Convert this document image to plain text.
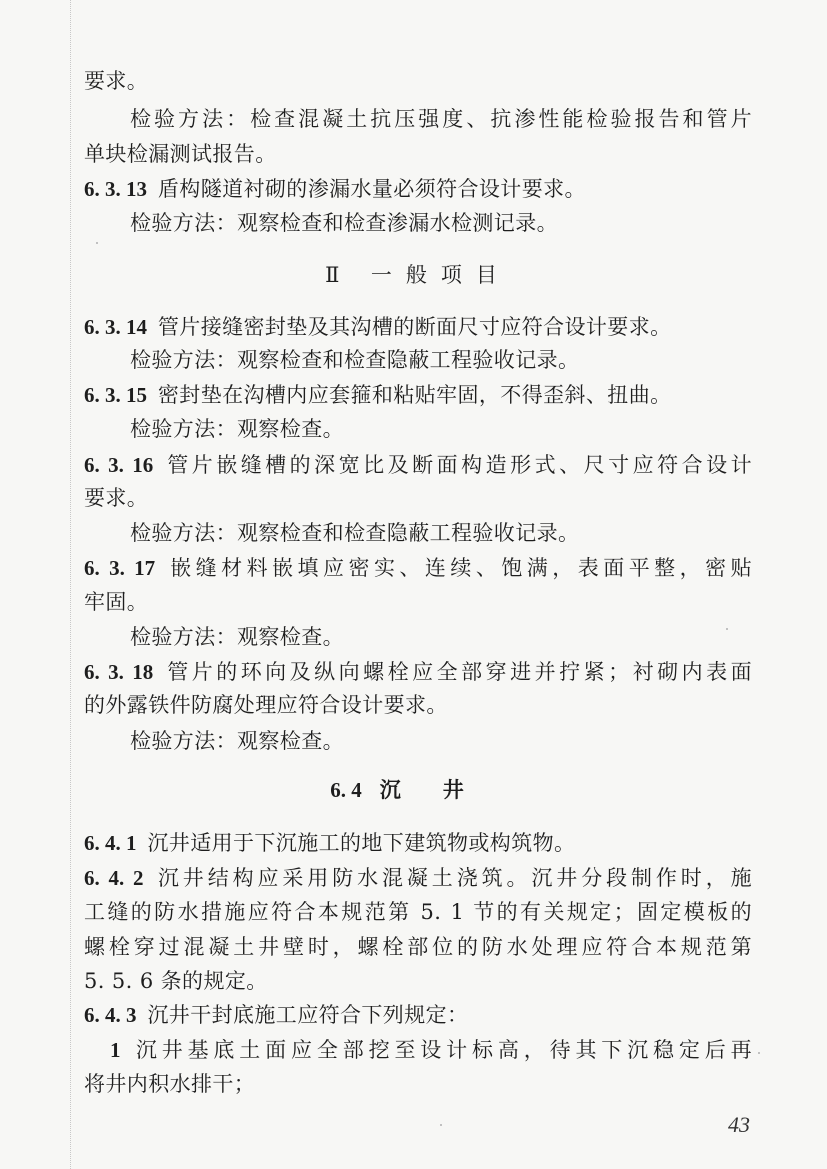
要求。
检验方法：检查混凝土抗压强度、抗渗性能检验报告和管片
单块检漏测试报告。
6. 3. 13  盾构隧道衬砌的渗漏水量必须符合设计要求。
检验方法：观察检查和检查渗漏水检测记录。
Ⅱ   一般项目
6. 3. 14  管片接缝密封垫及其沟槽的断面尺寸应符合设计要求。
检验方法：观察检查和检查隐蔽工程验收记录。
6. 3. 15  密封垫在沟槽内应套箍和粘贴牢固，不得歪斜、扭曲。
检验方法：观察检查。
6. 3. 16  管片嵌缝槽的深宽比及断面构造形式、尺寸应符合设计
要求。
检验方法：观察检查和检查隐蔽工程验收记录。
6. 3. 17  嵌缝材料嵌填应密实、连续、饱满，表面平整，密贴
牢固。
检验方法：观察检查。
6. 3. 18  管片的环向及纵向螺栓应全部穿进并拧紧；衬砌内表面
的外露铁件防腐处理应符合设计要求。
检验方法：观察检查。
6. 4 沉井
6. 4. 1  沉井适用于下沉施工的地下建筑物或构筑物。
6. 4. 2  沉井结构应采用防水混凝土浇筑。沉井分段制作时，施
工缝的防水措施应符合本规范第 5. 1 节的有关规定；固定模板的
螺栓穿过混凝土井壁时，螺栓部位的防水处理应符合本规范第
5. 5. 6 条的规定。
6. 4. 3  沉井干封底施工应符合下列规定：
1  沉井基底土面应全部挖至设计标高，待其下沉稳定后再
将井内积水排干；
43
